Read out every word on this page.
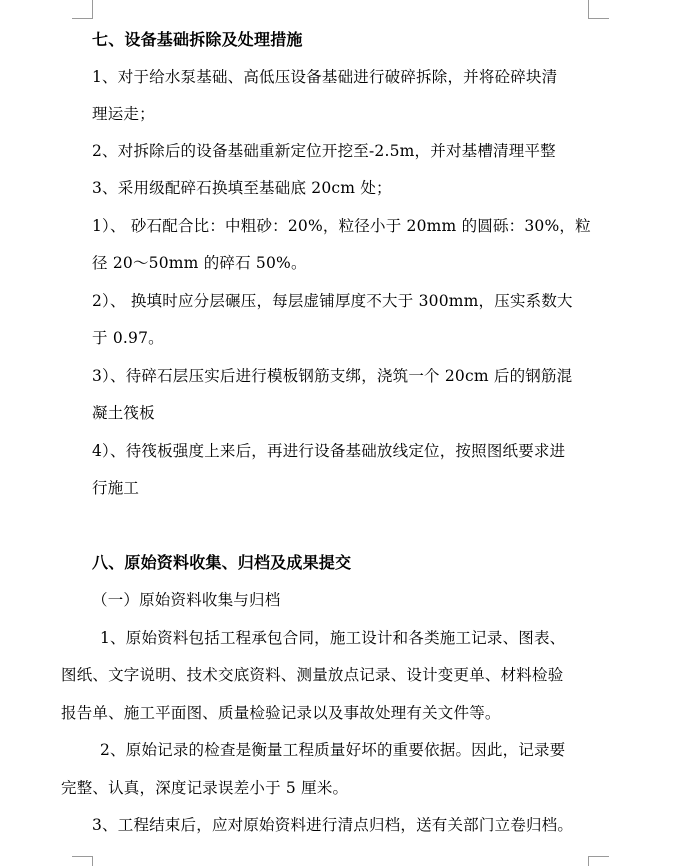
七、设备基础拆除及处理措施
1、对于给水泵基础、高低压设备基础进行破碎拆除，并将砼碎块清
理运走；
2、对拆除后的设备基础重新定位开挖至-2.5m，并对基槽清理平整
3、采用级配碎石换填至基础底 20cm 处；
1）、 砂石配合比：中粗砂：20%，粒径小于 20mm 的圆砾：30%，粒
径 20～50mm 的碎石 50%。
2）、 换填时应分层碾压，每层虚铺厚度不大于 300mm，压实系数大
于 0.97。
3）、待碎石层压实后进行模板钢筋支绑，浇筑一个 20cm 后的钢筋混
凝土筏板
4）、待筏板强度上来后，再进行设备基础放线定位，按照图纸要求进
行施工
八、原始资料收集、归档及成果提交
（一）原始资料收集与归档
1、原始资料包括工程承包合同，施工设计和各类施工记录、图表、
图纸、文字说明、技术交底资料、测量放点记录、设计变更单、材料检验
报告单、施工平面图、质量检验记录以及事故处理有关文件等。
2、原始记录的检查是衡量工程质量好坏的重要依据。因此，记录要
完整、认真，深度记录误差小于 5 厘米。
3、工程结束后，应对原始资料进行清点归档，送有关部门立卷归档。
